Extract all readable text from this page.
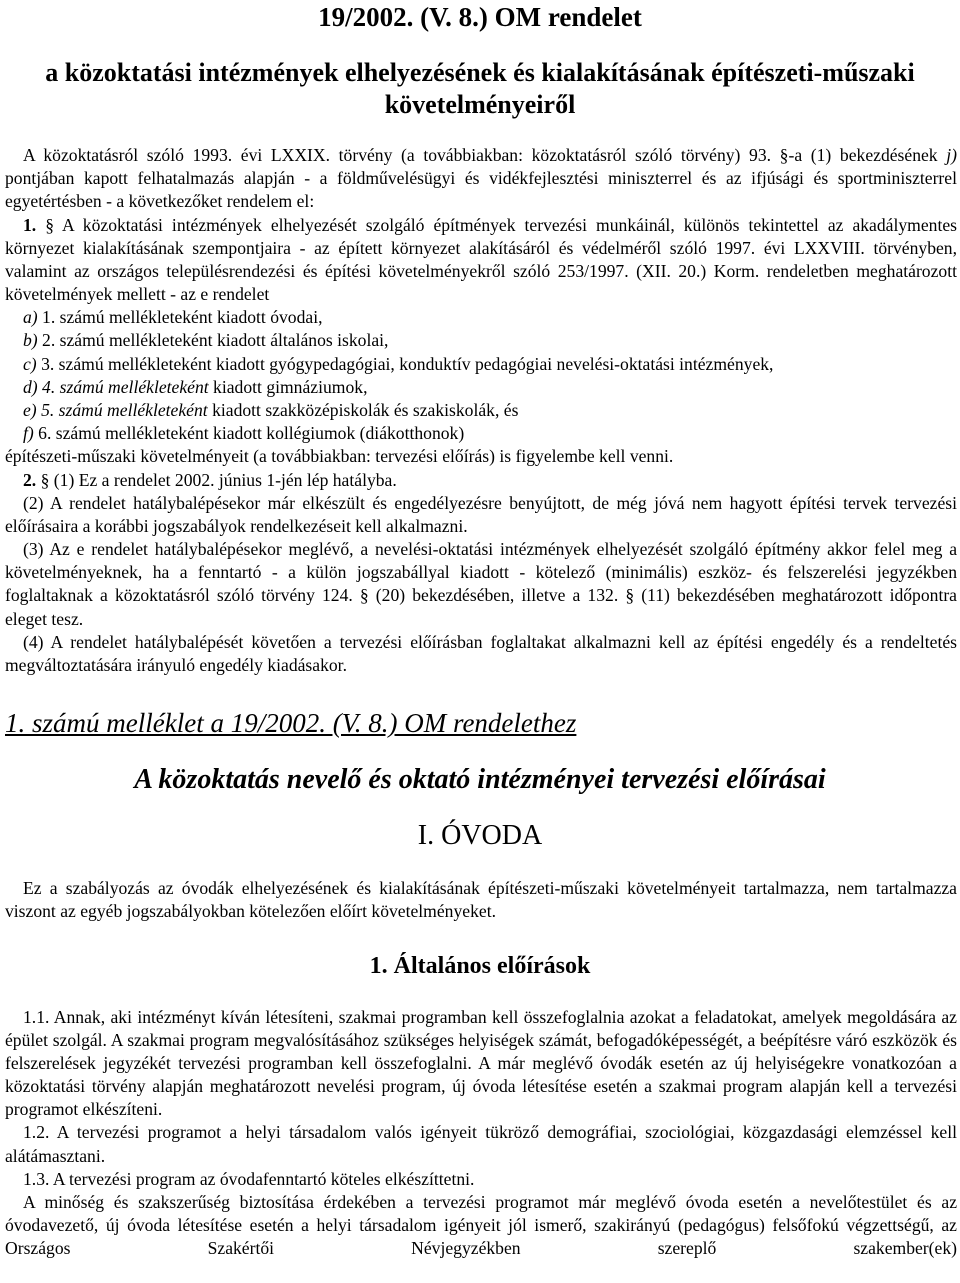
19/2002. (V. 8.) OM rendelet
a közoktatási intézmények elhelyezésének és kialakításának építészeti-műszaki
követelményeiről

A közoktatásról szóló 1993. évi LXXIX. törvény (a továbbiakban: közoktatásról szóló törvény) 93. §-a (1) bekezdésének j) pontjában kapott felhatalmazás alapján - a földművelésügyi és vidékfejlesztési miniszterrel és az ifjúsági és sportminiszterrel egyetértésben - a következőket rendelem el:

1. § A közoktatási intézmények elhelyezését szolgáló építmények tervezési munkáinál, különös tekintettel az akadálymentes környezet kialakításának szempontjaira - az épített környezet alakításáról és védelméről szóló 1997. évi LXXVIII. törvényben, valamint az országos településrendezési és építési követelményekről szóló 253/1997. (XII. 20.) Korm. rendeletben meghatározott követelmények mellett - az e rendelet

a) 1. számú mellékleteként kiadott óvodai,

b) 2. számú mellékleteként kiadott általános iskolai,

c) 3. számú mellékleteként kiadott gyógypedagógiai, konduktív pedagógiai nevelési-oktatási intézmények,

d) 4. számú mellékleteként kiadott gimnáziumok,

e) 5. számú mellékleteként kiadott szakközépiskolák és szakiskolák, és

f) 6. számú mellékleteként kiadott kollégiumok (diákotthonok)

építészeti-műszaki követelményeit (a továbbiakban: tervezési előírás) is figyelembe kell venni.

2. § (1) Ez a rendelet 2002. június 1-jén lép hatályba.

(2) A rendelet hatálybalépésekor már elkészült és engedélyezésre benyújtott, de még jóvá nem hagyott építési tervek tervezési előírásaira a korábbi jogszabályok rendelkezéseit kell alkalmazni.

(3) Az e rendelet hatálybalépésekor meglévő, a nevelési-oktatási intézmények elhelyezését szolgáló építmény akkor felel meg a követelményeknek, ha a fenntartó - a külön jogszabállyal kiadott - kötelező (minimális) eszköz- és felszerelési jegyzékben foglaltaknak a közoktatásról szóló törvény 124. § (20) bekezdésében, illetve a 132. § (11) bekezdésében meghatározott időpontra eleget tesz.

(4) A rendelet hatálybalépését követően a tervezési előírásban foglaltakat alkalmazni kell az építési engedély és a rendeltetés megváltoztatására irányuló engedély kiadásakor.

1. számú melléklet a 19/2002. (V. 8.) OM rendelethez
A közoktatás nevelő és oktató intézményei tervezési előírásai
I. ÓVODA

Ez a szabályozás az óvodák elhelyezésének és kialakításának építészeti-műszaki követelményeit tartalmazza, nem tartalmazza viszont az egyéb jogszabályokban kötelezően előírt követelményeket.

1. Általános előírások

1.1. Annak, aki intézményt kíván létesíteni, szakmai programban kell összefoglalnia azokat a feladatokat, amelyek megoldására az épület szolgál. A szakmai program megvalósításához szükséges helyiségek számát, befogadóképességét, a beépítésre váró eszközök és felszerelések jegyzékét tervezési programban kell összefoglalni. A már meglévő óvodák esetén az új helyiségekre vonatkozóan a közoktatási törvény alapján meghatározott nevelési program, új óvoda létesítése esetén a szakmai program alapján kell a tervezési programot elkészíteni.

1.2. A tervezési programot a helyi társadalom valós igényeit tükröző demográfiai, szociológiai, közgazdasági elemzéssel kell alátámasztani.

1.3. A tervezési program az óvodafenntartó köteles elkészíttetni.

A minőség és szakszerűség biztosítása érdekében a tervezési programot már meglévő óvoda esetén a nevelőtestület és az óvodavezető, új óvoda létesítése esetén a helyi társadalom igényeit jól ismerő, szakirányú (pedagógus) felsőfokú végzettségű, az Országos Szakértői Névjegyzékben szereplő szakember(ek)
